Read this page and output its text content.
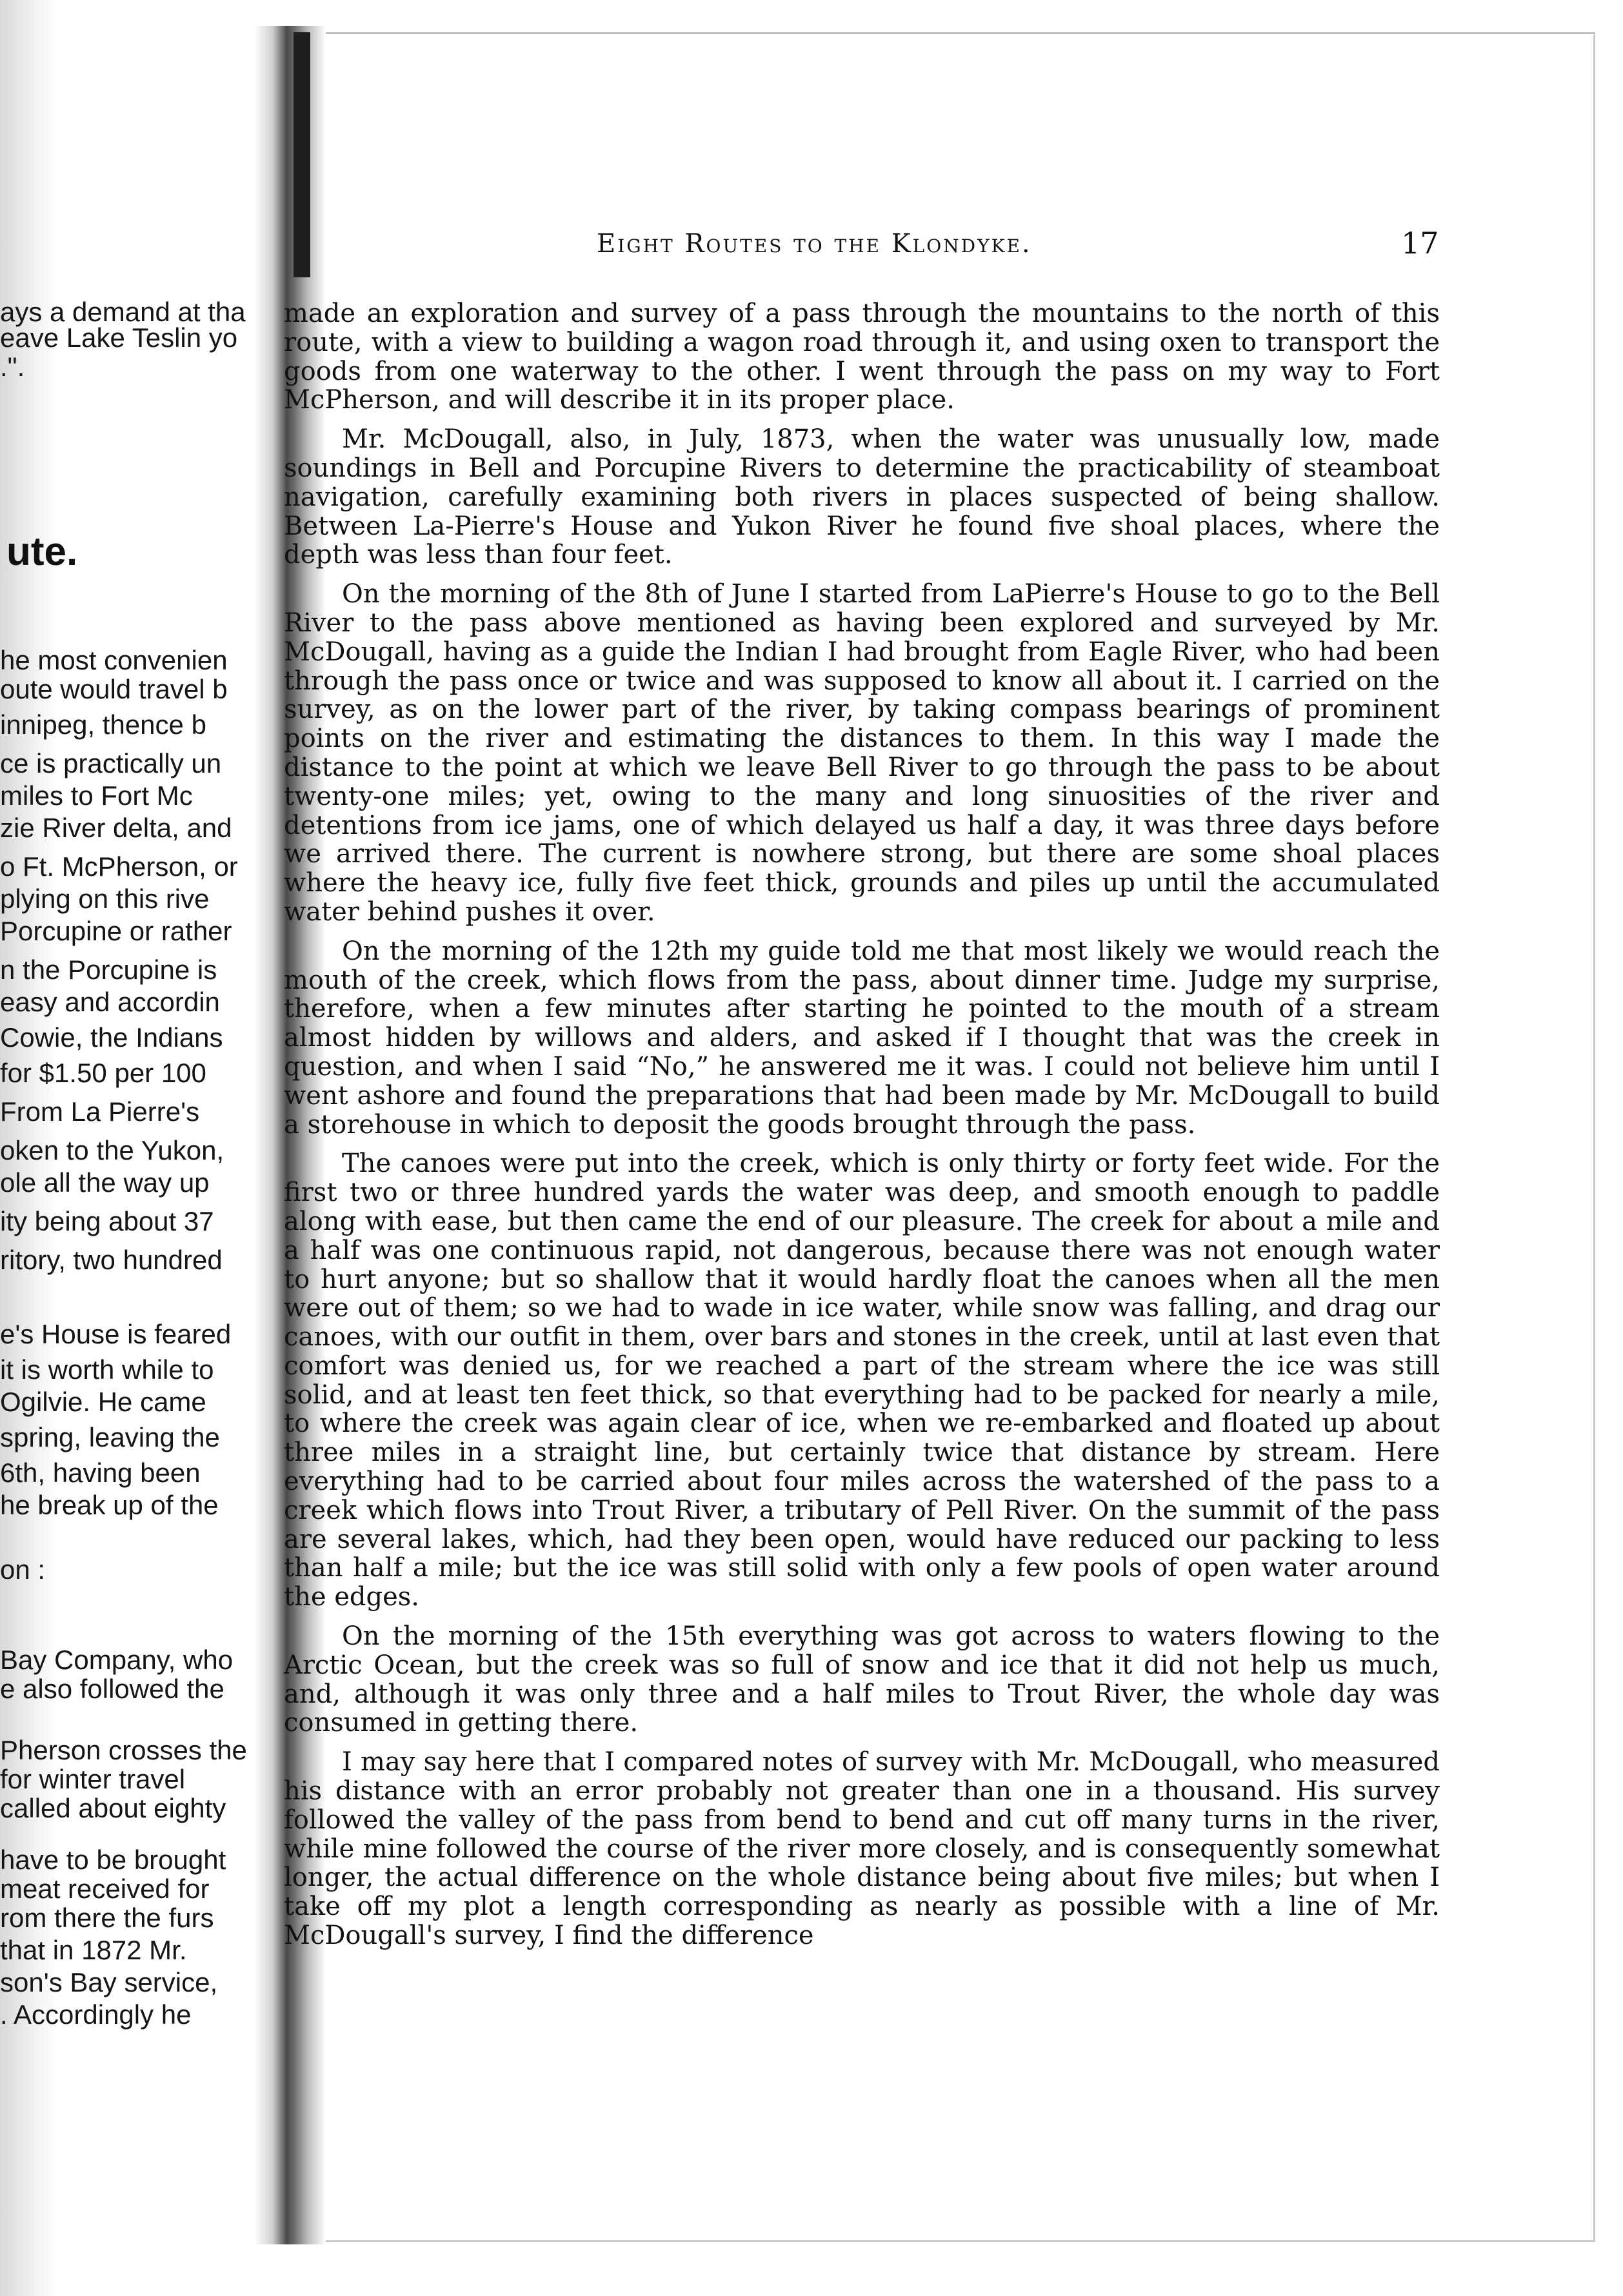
ays a demand at tha
eave Lake Teslin yo
.".
he most convenien
oute would travel b
innipeg, thence b
ce is practically un
miles to Fort Mc
zie River delta, and
o Ft. McPherson, or
plying on this rive
Porcupine or rather
n the Porcupine is
easy and accordin
Cowie, the Indians
for $1.50 per 100
From La Pierre's
oken to the Yukon,
ole all the way up
ity being about 37
ritory, two hundred
e's House is feared
it is worth while to
Ogilvie. He came
spring, leaving the
6th, having been
he break up of the
on :
Bay Company, who
e also followed the
Pherson crosses the
for winter travel
called about eighty
have to be brought
meat received for
rom there the furs
that in 1872 Mr.
son's Bay service,
. Accordingly he
ute.
Eight Routes to the Klondyke.	17

made an exploration and survey of a pass through the mountains to the north of this route, with a view to building a wagon road through it, and using oxen to transport the goods from one waterway to the other. I went through the pass on my way to Fort McPherson, and will describe it in its proper place.

Mr. McDougall, also, in July, 1873, when the water was unusually low, made soundings in Bell and Porcupine Rivers to determine the practicability of steamboat navigation, carefully examining both rivers in places suspected of being shallow. Between La-Pierre's House and Yukon River he found five shoal places, where the depth was less than four feet.

On the morning of the 8th of June I started from LaPierre's House to go to the Bell River to the pass above mentioned as having been explored and surveyed by Mr. McDougall, having as a guide the Indian I had brought from Eagle River, who had been through the pass once or twice and was supposed to know all about it. I carried on the survey, as on the lower part of the river, by taking compass bearings of prominent points on the river and estimating the distances to them. In this way I made the distance to the point at which we leave Bell River to go through the pass to be about twenty-one miles; yet, owing to the many and long sinuosities of the river and detentions from ice jams, one of which delayed us half a day, it was three days before we arrived there. The current is nowhere strong, but there are some shoal places where the heavy ice, fully five feet thick, grounds and piles up until the accumulated water behind pushes it over.

On the morning of the 12th my guide told me that most likely we would reach the mouth of the creek, which flows from the pass, about dinner time. Judge my surprise, therefore, when a few minutes after starting he pointed to the mouth of a stream almost hidden by willows and alders, and asked if I thought that was the creek in question, and when I said “No,” he answered me it was. I could not believe him until I went ashore and found the preparations that had been made by Mr. McDougall to build a storehouse in which to deposit the goods brought through the pass.

The canoes were put into the creek, which is only thirty or forty feet wide. For the first two or three hundred yards the water was deep, and smooth enough to paddle along with ease, but then came the end of our pleasure. The creek for about a mile and a half was one continuous rapid, not dangerous, because there was not enough water to hurt anyone; but so shallow that it would hardly float the canoes when all the men were out of them; so we had to wade in ice water, while snow was falling, and drag our canoes, with our outfit in them, over bars and stones in the creek, until at last even that comfort was denied us, for we reached a part of the stream where the ice was still solid, and at least ten feet thick, so that everything had to be packed for nearly a mile, to where the creek was again clear of ice, when we re-embarked and floated up about three miles in a straight line, but certainly twice that distance by stream. Here everything had to be carried about four miles across the watershed of the pass to a creek which flows into Trout River, a tributary of Pell River. On the summit of the pass are several lakes, which, had they been open, would have reduced our packing to less than half a mile; but the ice was still solid with only a few pools of open water around the edges.

On the morning of the 15th everything was got across to waters flowing to the Arctic Ocean, but the creek was so full of snow and ice that it did not help us much, and, although it was only three and a half miles to Trout River, the whole day was consumed in getting there.

I may say here that I compared notes of survey with Mr. McDougall, who measured his distance with an error probably not greater than one in a thousand. His survey followed the valley of the pass from bend to bend and cut off many turns in the river, while mine followed the course of the river more closely, and is consequently somewhat longer, the actual difference on the whole distance being about five miles; but when I take off my plot a length corresponding as nearly as possible with a line of Mr. McDougall's survey, I find the difference
